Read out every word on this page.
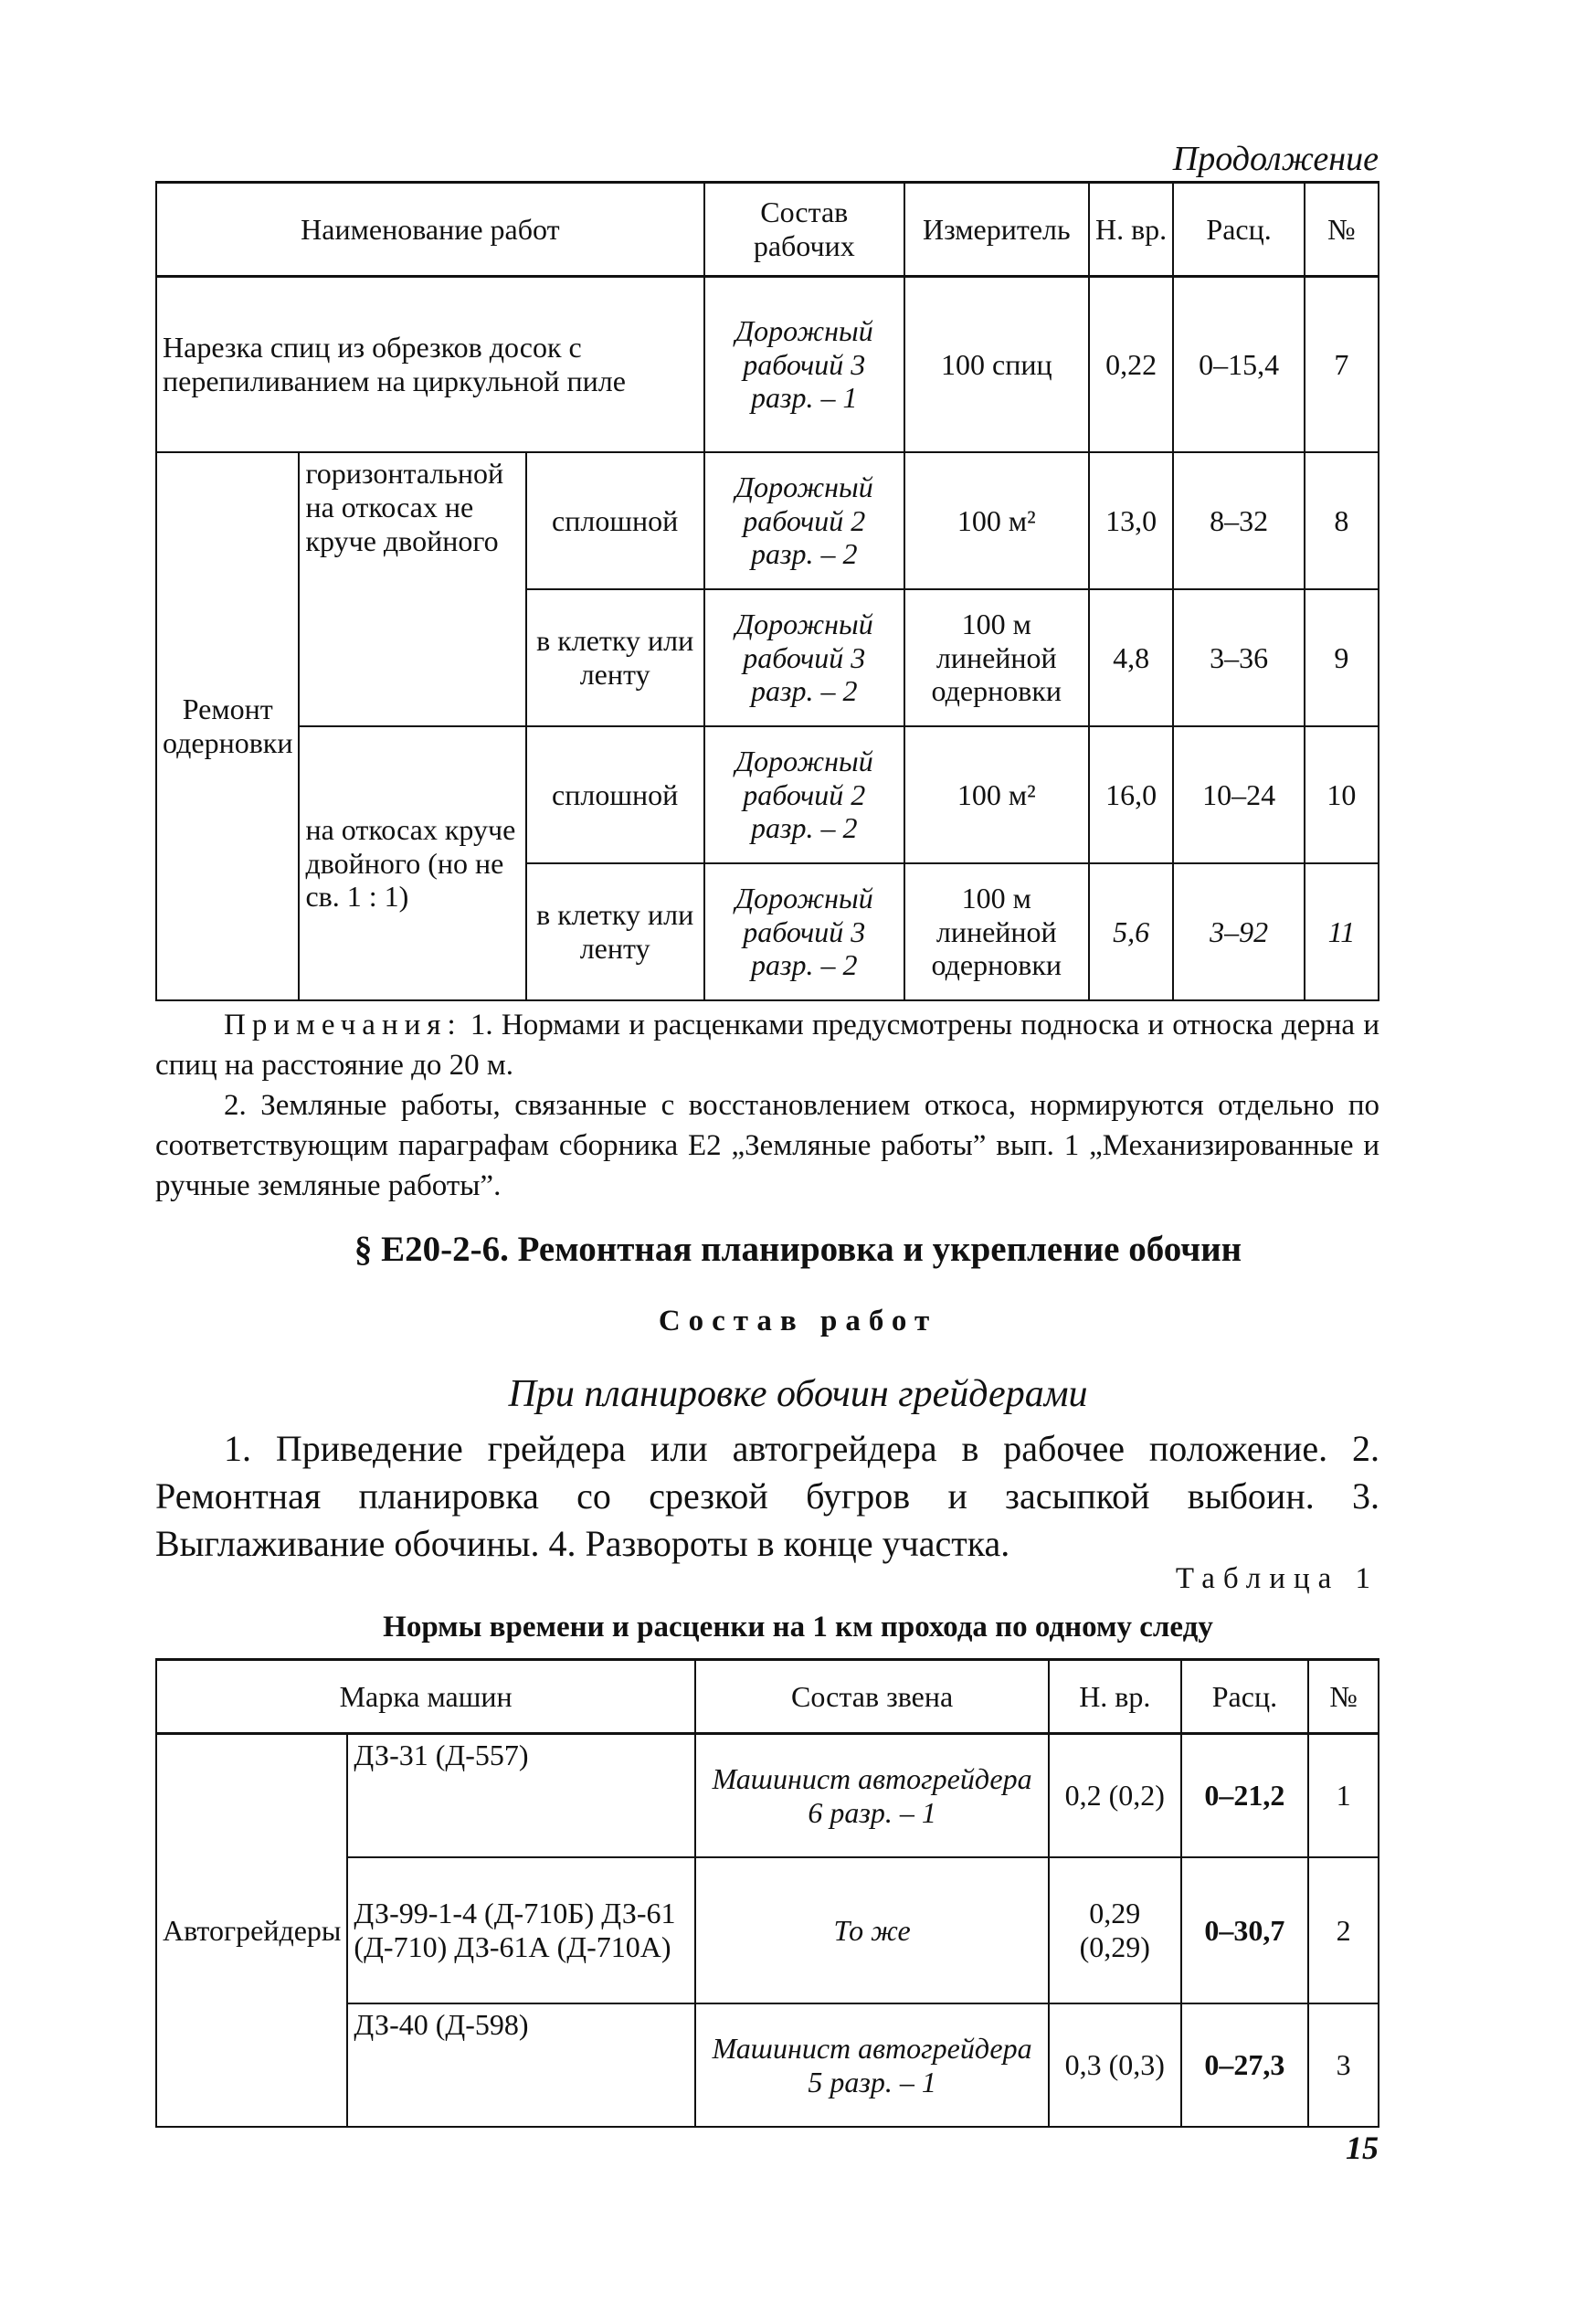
Продолжение
Наименование работ			Состав рабочих	Измеритель	Н. вр.	Расц.	№
Нарезка спиц из обрезков досок с перепиливанием на циркульной пиле			Дорожный рабочий 3 разр. – 1	100 спиц	0,22	0–15,4	7
Ремонт одерновки	горизонтальной на откосах не круче двойного	сплошной	Дорожный рабочий 2 разр. – 2	100 м²	13,0	8–32	8
		в клетку или ленту	Дорожный рабочий 3 разр. – 2	100 м линейной одерновки	4,8	3–36	9
	на откосах круче двойного (но не св. 1 : 1)	сплошной	Дорожный рабочий 2 разр. – 2	100 м²	16,0	10–24	10
		в клетку или ленту	Дорожный рабочий 3 разр. – 2	100 м линейной одерновки	5,6	3–92	11

Примечания: 1. Нормами и расценками предусмотрены подноска и относка дерна и спиц на расстояние до 20 м.

2. Земляные работы, связанные с восстановлением откоса, нормируются отдельно по соответствующим параграфам сборника Е2 „Земляные работы” вып. 1 „Механизированные и ручные земляные работы”.

§ Е20-2-6. Ремонтная планировка и укрепление обочин
Состав работ
При планировке обочин грейдерами
1. Приведение грейдера или автогрейдера в рабочее положение. 2. Ремонтная планировка со срезкой бугров и засыпкой выбоин. 3. Выглаживание обочины. 4. Развороты в конце участка.
Таблица 1
Нормы времени и расценки на 1 км прохода по одному следу
Марка машин		Состав звена	Н. вр.	Расц.	№
Автогрейдеры	ДЗ-31 (Д-557)	Машинист автогрейдера 6 разр. – 1	0,2 (0,2)	0–21,2	1
	ДЗ-99-1-4 (Д-710Б) ДЗ-61 (Д-710) ДЗ-61А (Д-710А)	То же	0,29 (0,29)	0–30,7	2
	ДЗ-40 (Д-598)	Машинист автогрейдера 5 разр. – 1	0,3 (0,3)	0–27,3	3
15
